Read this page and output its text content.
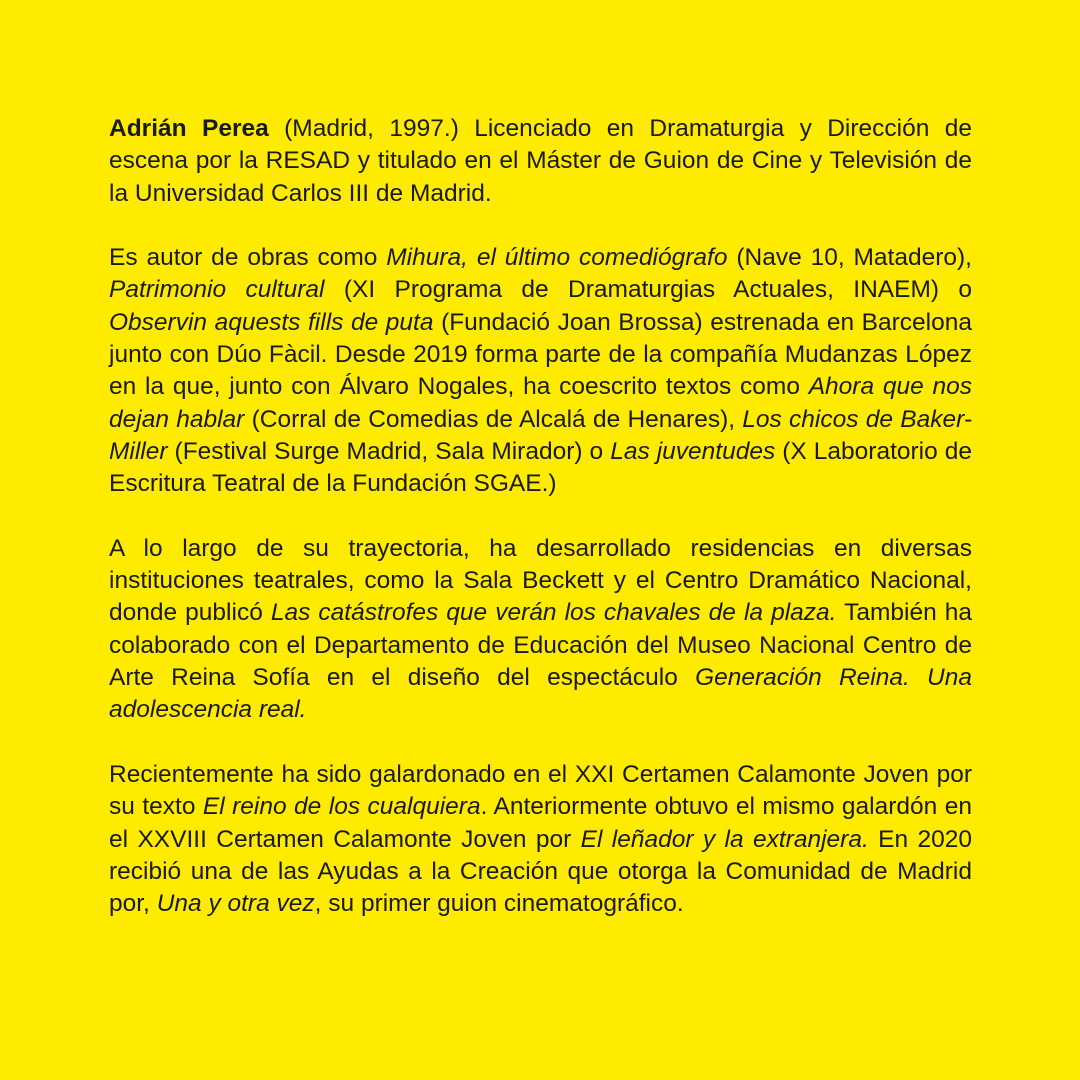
Adrián Perea (Madrid, 1997.) Licenciado en Dramaturgia y Dirección de escena por la RESAD y titulado en el Máster de Guion de Cine y Televisión de la Universidad Carlos III de Madrid.

Es autor de obras como Mihura, el último comediógrafo (Nave 10, Matadero), Patrimonio cultural (XI Programa de Dramaturgias Actuales, INAEM) o Observin aquests fills de puta (Fundació Joan Brossa) estrenada en Barcelona junto con Dúo Fàcil. Desde 2019 forma parte de la compañía Mudanzas López en la que, junto con Álvaro Nogales, ha coescrito textos como Ahora que nos dejan hablar (Corral de Comedias de Alcalá de Henares), Los chicos de Baker-Miller (Festival Surge Madrid, Sala Mirador) o Las juventudes (X Laboratorio de Escritura Teatral de la Fundación SGAE.)

A lo largo de su trayectoria, ha desarrollado residencias en diversas instituciones teatrales, como la Sala Beckett y el Centro Dramático Nacional, donde publicó Las catástrofes que verán los chavales de la plaza. También ha colaborado con el Departamento de Educación del Museo Nacional Centro de Arte Reina Sofía en el diseño del espectáculo Generación Reina. Una adolescencia real.

Recientemente ha sido galardonado en el XXI Certamen Calamonte Joven por su texto El reino de los cualquiera. Anteriormente obtuvo el mismo galardón en el XXVIII Certamen Calamonte Joven por El leñador y la extranjera. En 2020 recibió una de las Ayudas a la Creación que otorga la Comunidad de Madrid por, Una y otra vez, su primer guion cinematográfico.
